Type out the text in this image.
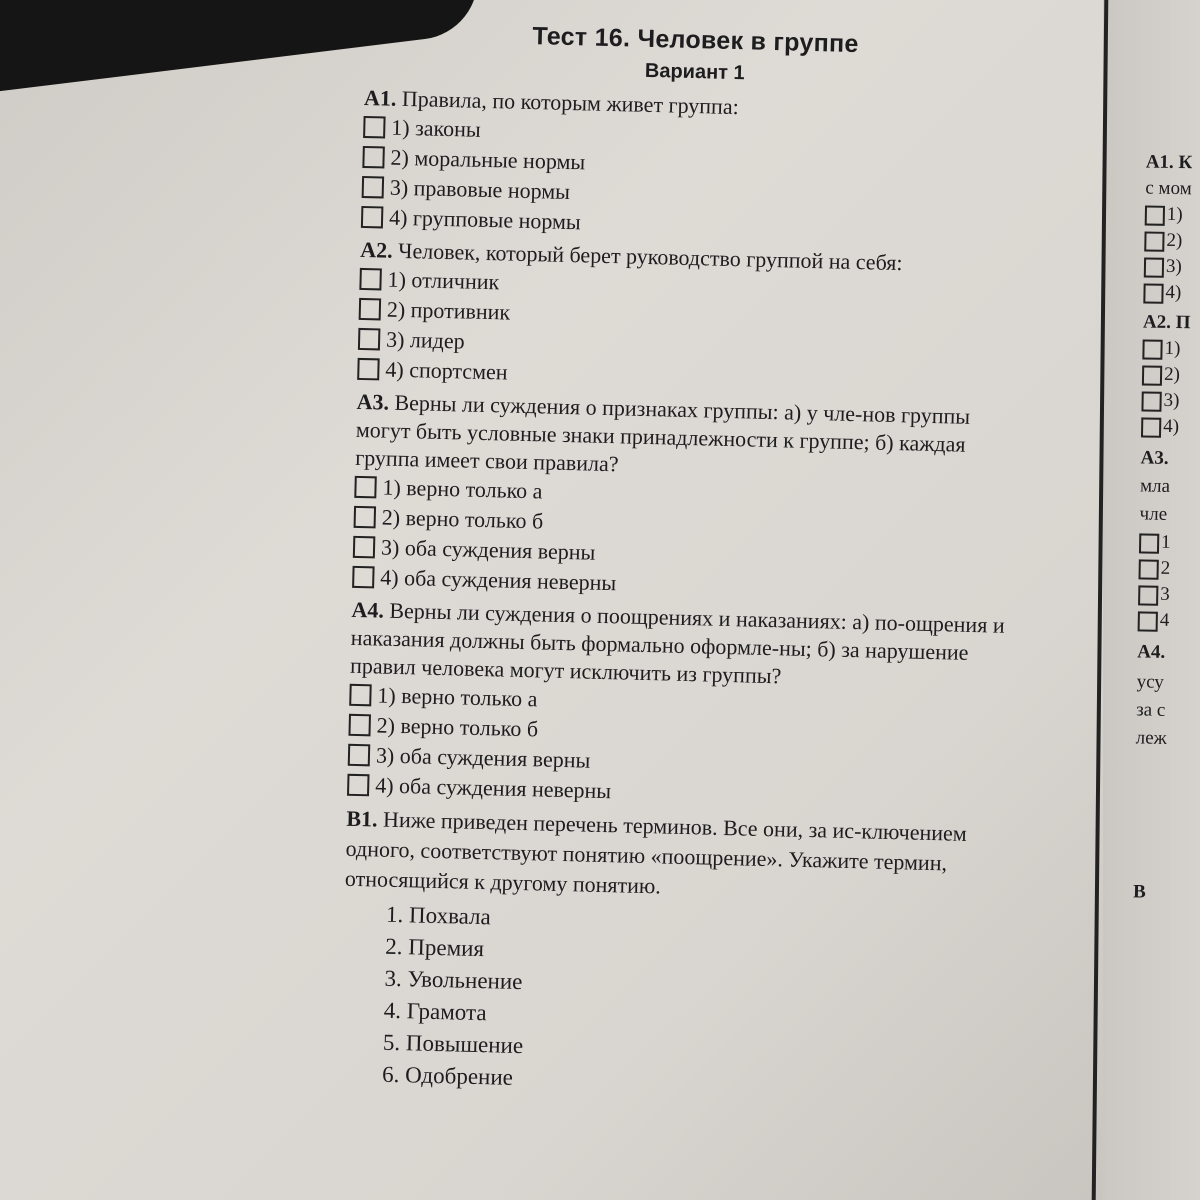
Тест 16. Человек в группе
Вариант 1

А1. Правила, по которым живет группа:

1) законы
2) моральные нормы
3) правовые нормы
4) групповые нормы

А2. Человек, который берет руководство группой на себя:

1) отличник
2) противник
3) лидер
4) спортсмен

А3. Верны ли суждения о признаках группы: а) у чле-нов группы могут быть условные знаки принадлежности к группе; б) каждая группа имеет свои правила?

1) верно только а
2) верно только б
3) оба суждения верны
4) оба суждения неверны

А4. Верны ли суждения о поощрениях и наказаниях: а) по-ощрения и наказания должны быть формально оформле-ны; б) за нарушение правил человека могут исключить из группы?

1) верно только а
2) верно только б
3) оба суждения верны
4) оба суждения неверны

В1. Ниже приведен перечень терминов. Все они, за ис-ключением одного, соответствуют понятию «поощрение». Укажите термин, относящийся к другому понятию.

1. Похвала
2. Премия
3. Увольнение
4. Грамота
5. Повышение
6. Одобрение
А1. К
с мом
1)
2)
3)
4)
А2. П
1)
2)
3)
4)
А3.
мла
чле
1
2
3
4
А4.
усу
за с
леж
В
